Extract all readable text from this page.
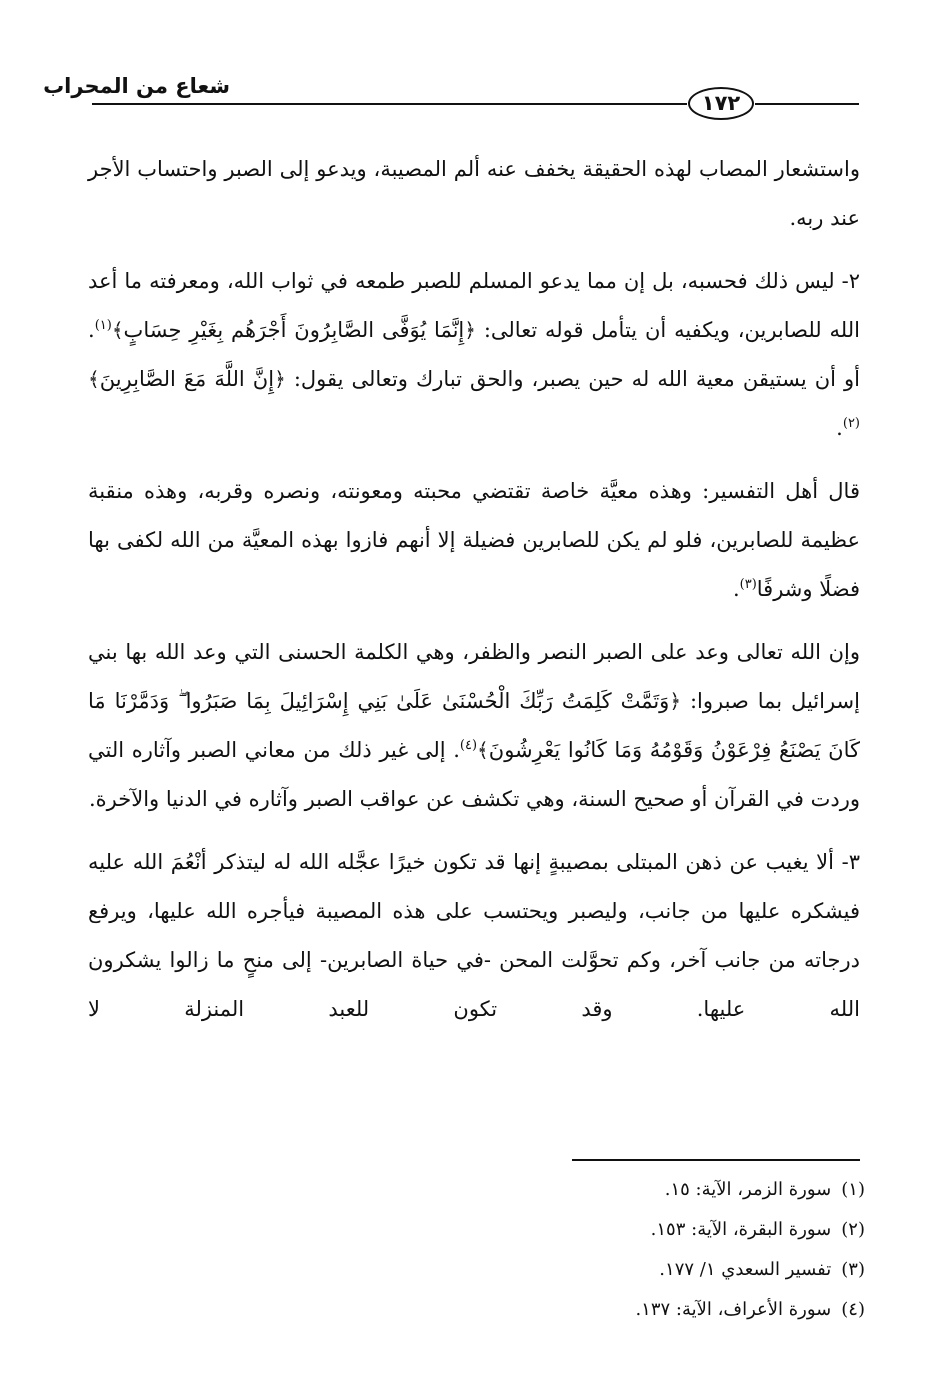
شعاع من المحراب
١٧٢

واستشعار المصاب لهذه الحقيقة يخفف عنه ألم المصيبة، ويدعو إلى الصبر واحتساب الأجر عند ربه.

٢- ليس ذلك فحسبه، بل إن مما يدعو المسلم للصبر طمعه في ثواب الله، ومعرفته ما أعد الله للصابرين، ويكفيه أن يتأمل قوله تعالى: ﴿إِنَّمَا يُوَفَّى الصَّابِرُونَ أَجْرَهُم بِغَيْرِ حِسَابٍ﴾$^{(١)}$. أو أن يستيقن معية الله له حين يصبر، والحق تبارك وتعالى يقول: ﴿إِنَّ اللَّهَ مَعَ الصَّابِرِينَ﴾$^{(٢)}$.

قال أهل التفسير: وهذه معيَّة خاصة تقتضي محبته ومعونته، ونصره وقربه، وهذه منقبة عظيمة للصابرين، فلو لم يكن للصابرين فضيلة إلا أنهم فازوا بهذه المعيَّة من الله لكفى بها فضلًا وشرفًا$^{(٣)}$.

وإن الله تعالى وعد على الصبر النصر والظفر، وهي الكلمة الحسنى التي وعد الله بها بني إسرائيل بما صبروا: ﴿وَتَمَّتْ كَلِمَتُ رَبِّكَ الْحُسْنَىٰ عَلَىٰ بَنِي إِسْرَائِيلَ بِمَا صَبَرُوا ۖ وَدَمَّرْنَا مَا كَانَ يَصْنَعُ فِرْعَوْنُ وَقَوْمُهُ وَمَا كَانُوا يَعْرِشُونَ﴾$^{(٤)}$. إلى غير ذلك من معاني الصبر وآثاره التي وردت في القرآن أو صحيح السنة، وهي تكشف عن عواقب الصبر وآثاره في الدنيا والآخرة.

٣- ألا يغيب عن ذهن المبتلى بمصيبةٍ إنها قد تكون خيرًا عجَّله الله له ليتذكر أنْعُمَ الله عليه فيشكره عليها من جانب، وليصبر ويحتسب على هذه المصيبة فيأجره الله عليها، ويرفع درجاته من جانب آخر، وكم تحوَّلت المحن -في حياة الصابرين- إلى منحٍ ما زالوا يشكرون الله عليها. وقد تكون للعبد المنزلة لا

(١)سورة الزمر، الآية: ١٥.
(٢)سورة البقرة، الآية: ١٥٣.
(٣)تفسير السعدي ١/ ١٧٧.
(٤)سورة الأعراف، الآية: ١٣٧.
